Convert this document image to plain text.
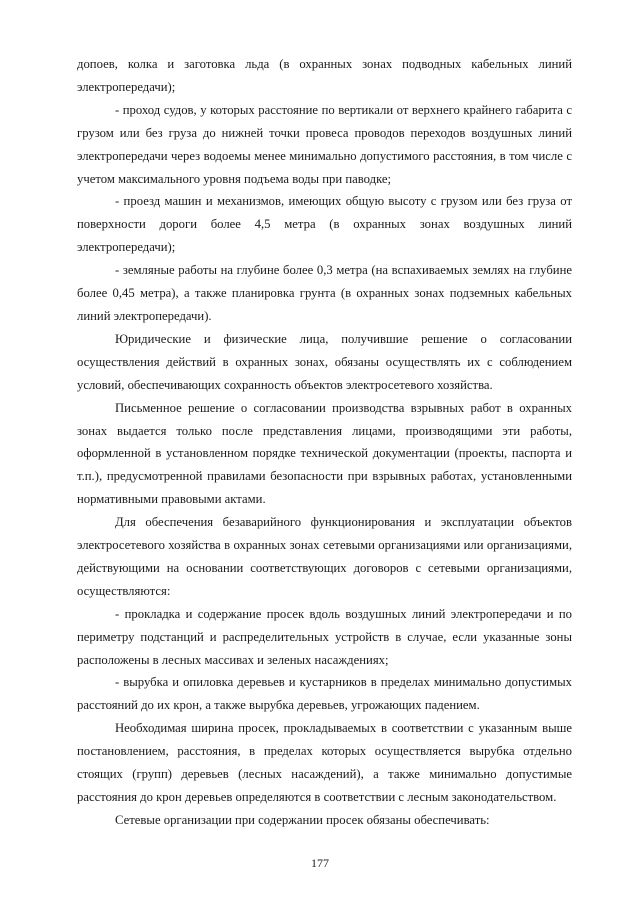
допоев, колка и заготовка льда (в охранных зонах подводных кабельных линий электропередачи);

- проход судов, у которых расстояние по вертикали от верхнего крайнего габарита с грузом или без груза до нижней точки провеса проводов переходов воздушных линий электропередачи через водоемы менее минимально допустимого расстояния, в том числе с учетом максимального уровня подъема воды при паводке;

- проезд машин и механизмов, имеющих общую высоту с грузом или без груза от поверхности дороги более 4,5 метра (в охранных зонах воздушных линий электропередачи);

- земляные работы на глубине более 0,3 метра (на вспахиваемых землях на глубине более 0,45 метра), а также планировка грунта (в охранных зонах подземных кабельных линий электропередачи).

Юридические и физические лица, получившие решение о согласовании осуществления действий в охранных зонах, обязаны осуществлять их с соблюдением условий, обеспечивающих сохранность объектов электросетевого хозяйства.

Письменное решение о согласовании производства взрывных работ в охранных зонах выдается только после представления лицами, производящими эти работы, оформленной в установленном порядке технической документации (проекты, паспорта и т.п.), предусмотренной правилами безопасности при взрывных работах, установленными нормативными правовыми актами.

Для обеспечения безаварийного функционирования и эксплуатации объектов электросетевого хозяйства в охранных зонах сетевыми организациями или организациями, действующими на основании соответствующих договоров с сетевыми организациями, осуществляются:

- прокладка и содержание просек вдоль воздушных линий электропередачи и по периметру подстанций и распределительных устройств в случае, если указанные зоны расположены в лесных массивах и зеленых насаждениях;

- вырубка и опиловка деревьев и кустарников в пределах минимально допустимых расстояний до их крон, а также вырубка деревьев, угрожающих падением.

Необходимая ширина просек, прокладываемых в соответствии с указанным выше постановлением, расстояния, в пределах которых осуществляется вырубка отдельно стоящих (групп) деревьев (лесных насаждений), а также минимально допустимые расстояния до крон деревьев определяются в соответствии с лесным законодательством.

Сетевые организации при содержании просек обязаны обеспечивать:

177
